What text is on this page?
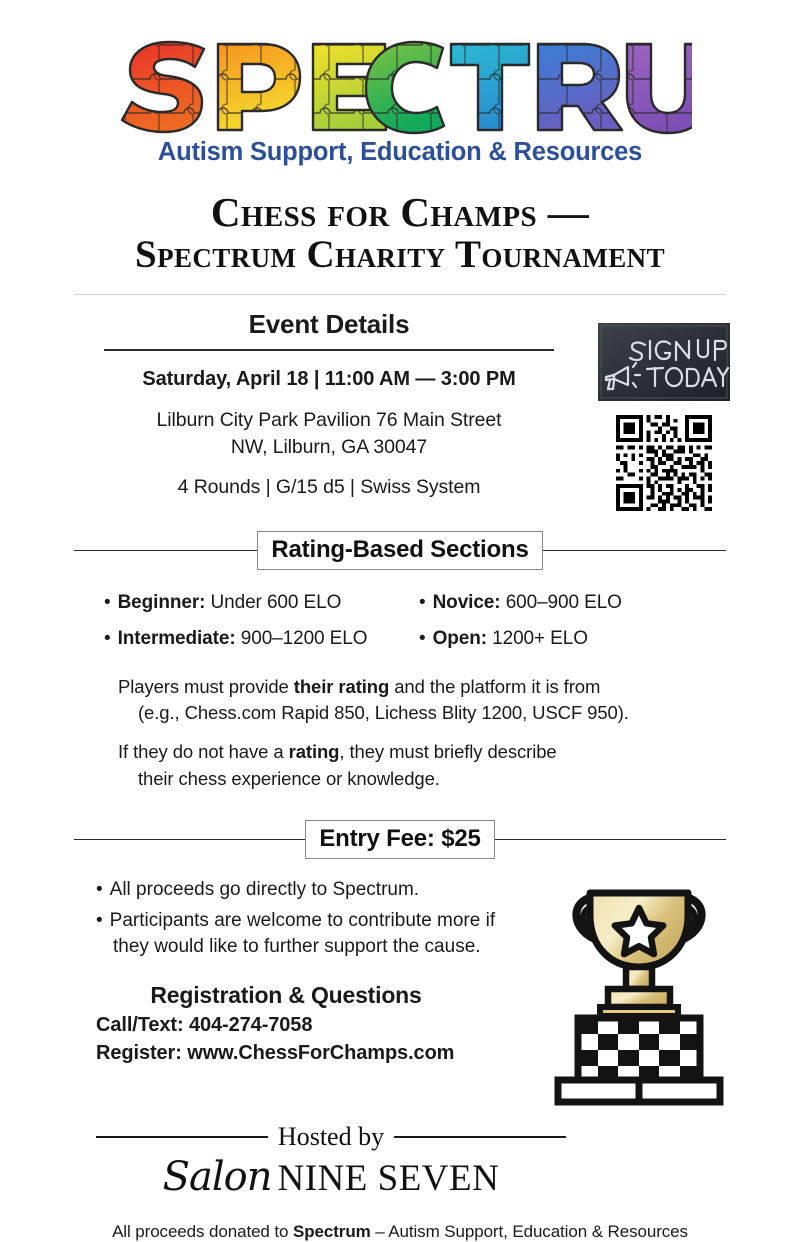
Autism Support, Education & Resources
Chess for Champs —
Spectrum Charity Tournament
Event Details
Saturday, April 18 | 11:00 AM — 3:00 PM
Lilburn City Park Pavilion 76 Main Street
NW, Lilburn, GA 30047
4 Rounds | G/15 d5 | Swiss System
Rating-Based Sections
• Beginner: Under 600 ELO	• Novice: 600–900 ELO
• Intermediate: 900–1200 ELO	• Open: 1200+ ELO

Players must provide their rating and the platform it is from
(e.g., Chess.com Rapid 850, Lichess Blity 1200, USCF 950).

If they do not have a rating, they must briefly describe
their chess experience or knowledge.

Entry Fee: $25
• All proceeds go directly to Spectrum.
• Participants are welcome to contribute more if
they would like to further support the cause.
Registration & Questions
Call/Text: 404-274-7058
Register: www.ChessForChamps.com
Hosted by
Salon NINE SEVEN
All proceeds donated to Spectrum – Autism Support, Education & Resources
